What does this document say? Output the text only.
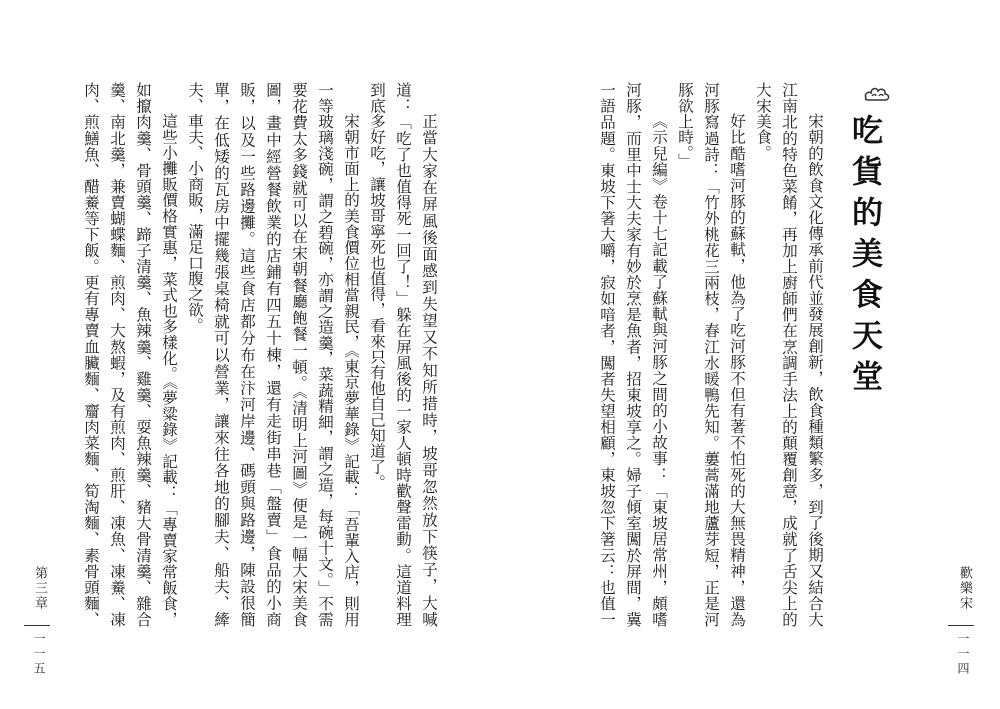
正當大家在屏風後面感到失望又不知所措時，坡哥忽然放下筷子，大喊道：「吃了也值得死一回了！」躲在屏風後的一家人頓時歡聲雷動。這道料理到底多好吃，讓坡哥寧死也值得，看來只有他自己知道了。

宋朝市面上的美食價位相當親民，《東京夢華錄》記載：「吾輩入店，則用一等玻璃淺碗，謂之碧碗，亦謂之造羹，菜蔬精細，謂之造，每碗十文。」不需要花費太多錢就可以在宋朝餐廳飽餐一頓。《清明上河圖》便是一幅大宋美食圖，畫中經營餐飲業的店鋪有四五十棟，還有走街串巷「盤賣」食品的小商販，以及一些路邊攤。這些食店都分布在汴河岸邊、碼頭與路邊，陳設很簡單，在低矮的瓦房中擺幾張桌椅就可以營業，讓來往各地的腳夫、船夫、縴夫、車夫、小商販，滿足口腹之欲。

這些小攤販價格實惠，菜式也多樣化。《夢粱錄》記載：「專賣家常飯食，如攛肉羹、骨頭羹、蹄子清羹、魚辣羹、雞羹、耍魚辣羹、豬大骨清羹、雜合羹、南北羹，兼賣蝴蝶麵、煎肉、大熬蝦，及有煎肉、煎肝、凍魚、凍鯗、凍肉、煎鱔魚、醋鯗等下飯。更有專賣血臟麵、齏肉菜麵、筍淘麵、素骨頭麵、

第三章
一一五

宋朝的飲食文化傳承前代並發展創新，飲食種類繁多，到了後期又結合大江南北的特色菜餚，再加上廚師們在烹調手法上的顛覆創意，成就了舌尖上的大宋美食。

好比酷嗜河豚的蘇軾，他為了吃河豚不但有著不怕死的大無畏精神，還為河豚寫過詩：「竹外桃花三兩枝，春江水暖鴨先知。蔞蒿滿地蘆芽短，正是河豚欲上時。」

《示兒編》卷十七記載了蘇軾與河豚之間的小故事：「東坡居常州，頗嗜河豚，而里中士大夫家有妙於烹是魚者，招東坡享之。婦子傾室闖於屏間，冀一語品題。東坡下箸大嚼，寂如喑者，闖者失望相顧，東坡忽下箸云：也值一

吃貨的美食天堂
歡樂宋
一一四
